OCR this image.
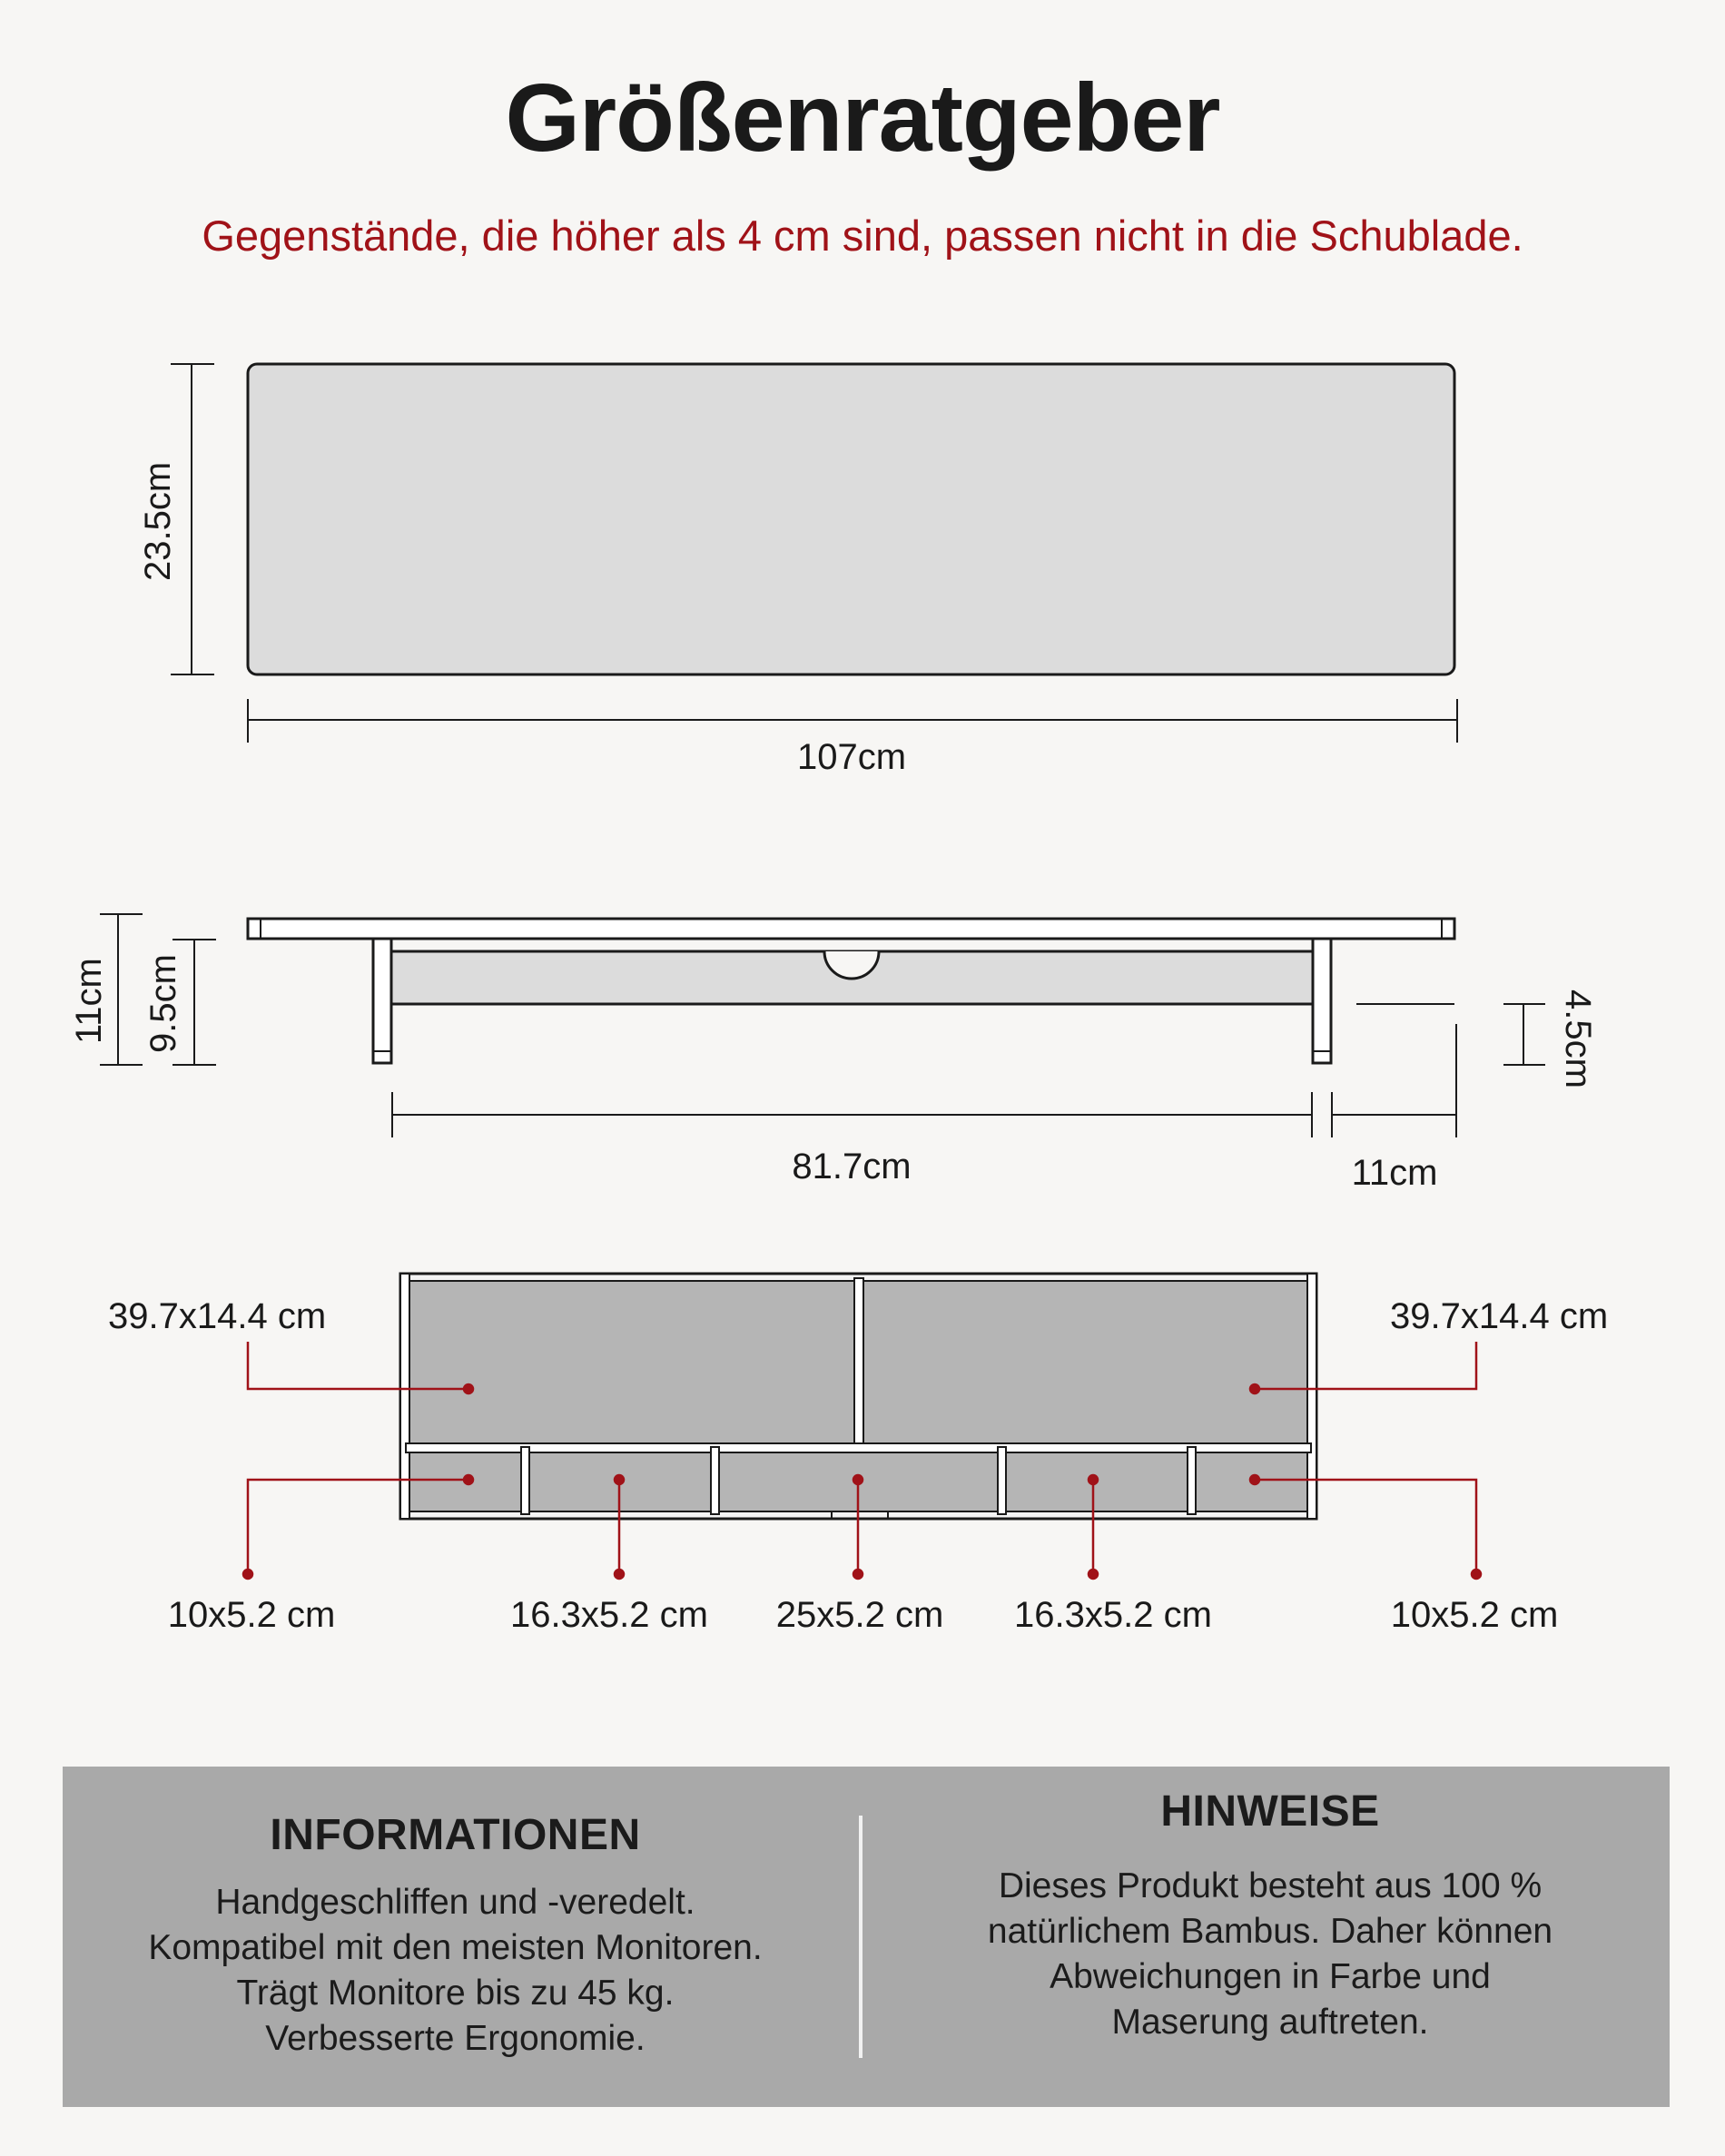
Größenratgeber
Gegenstände, die höher als 4 cm sind, passen nicht in die Schublade.
23.5cm
107cm
11cm 9.5cm	4.5cm
81.7cm	11cm
39.7x14.4 cm	39.7x14.4 cm
10x5.2 cm	16.3x5.2 cm 25x5.2 cm 16.3x5.2 cm	10x5.2 cm
INFORMATIONEN
Handgeschliffen und -veredelt.
Kompatibel mit den meisten Monitoren.
Trägt Monitore bis zu 45 kg.
Verbesserte Ergonomie.
HINWEISE
Dieses Produkt besteht aus 100 %
natürlichem Bambus. Daher können
Abweichungen in Farbe und
Maserung auftreten.
